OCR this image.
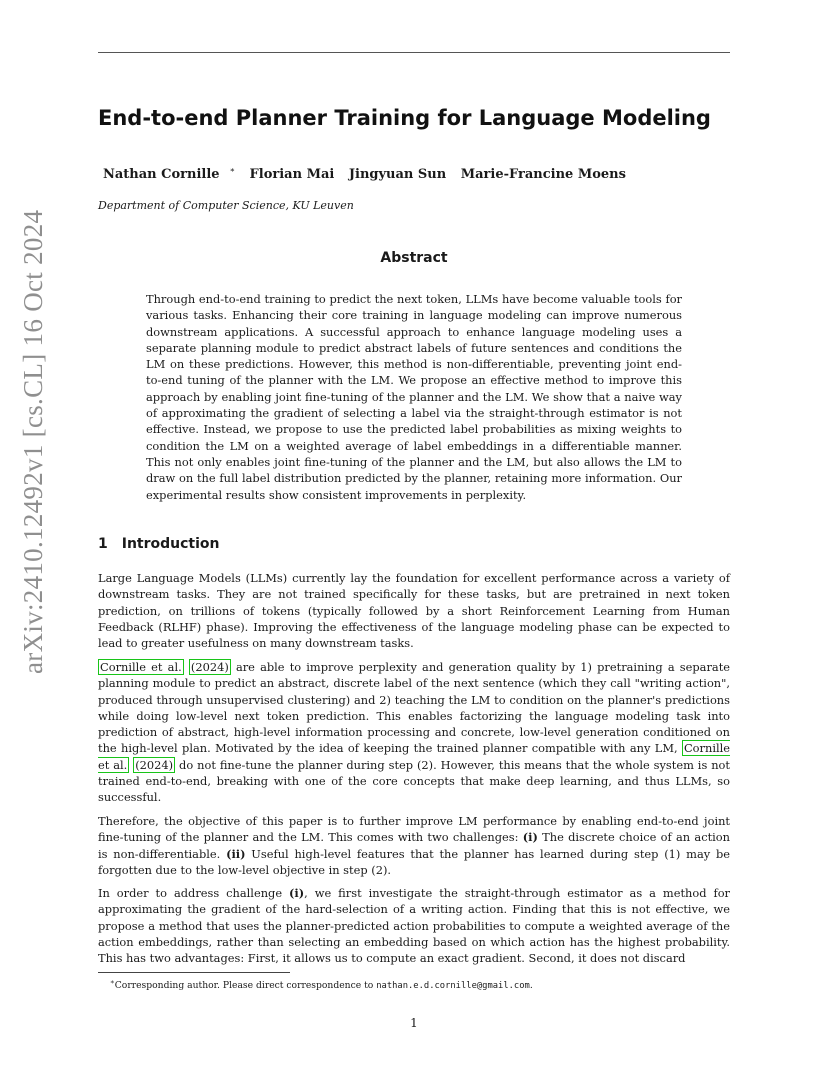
arXiv:2410.12492v1 [cs.CL] 16 Oct 2024
End-to-end Planner Training for Language Modeling
Nathan Cornille ∗ Florian Mai Jingyuan Sun Marie-Francine Moens
Department of Computer Science, KU Leuven
Abstract

Through end-to-end training to predict the next token, LLMs have become valuable tools for various tasks. Enhancing their core training in language modeling can improve numerous downstream applications. A successful approach to enhance language modeling uses a separate planning module to predict abstract labels of future sentences and conditions the LM on these predictions. However, this method is non-differentiable, preventing joint end-to-end tuning of the planner with the LM. We propose an effective method to improve this approach by enabling joint fine-tuning of the planner and the LM. We show that a naive way of approximating the gradient of selecting a label via the straight-through estimator is not effective. Instead, we propose to use the predicted label probabilities as mixing weights to condition the LM on a weighted average of label embeddings in a differentiable manner. This not only enables joint fine-tuning of the planner and the LM, but also allows the LM to draw on the full label distribution predicted by the planner, retaining more information. Our experimental results show consistent improvements in perplexity.

1 Introduction

Large Language Models (LLMs) currently lay the foundation for excellent performance across a variety of downstream tasks. They are not trained specifically for these tasks, but are pretrained in next token prediction, on trillions of tokens (typically followed by a short Reinforcement Learning from Human Feedback (RLHF) phase). Improving the effectiveness of the language modeling phase can be expected to lead to greater usefulness on many downstream tasks.

Cornille et al. (2024) are able to improve perplexity and generation quality by 1) pretraining a separate planning module to predict an abstract, discrete label of the next sentence (which they call "writing action", produced through unsupervised clustering) and 2) teaching the LM to condition on the planner's predictions while doing low-level next token prediction. This enables factorizing the language modeling task into prediction of abstract, high-level information processing and concrete, low-level generation conditioned on the high-level plan. Motivated by the idea of keeping the trained planner compatible with any LM, Cornille et al. (2024) do not fine-tune the planner during step (2). However, this means that the whole system is not trained end-to-end, breaking with one of the core concepts that make deep learning, and thus LLMs, so successful.

Therefore, the objective of this paper is to further improve LM performance by enabling end-to-end joint fine-tuning of the planner and the LM. This comes with two challenges: (i) The discrete choice of an action is non-differentiable. (ii) Useful high-level features that the planner has learned during step (1) may be forgotten due to the low-level objective in step (2).

In order to address challenge (i), we first investigate the straight-through estimator as a method for approximating the gradient of the hard-selection of a writing action. Finding that this is not effective, we propose a method that uses the planner-predicted action probabilities to compute a weighted average of the action embeddings, rather than selecting an embedding based on which action has the highest probability. This has two advantages: First, it allows us to compute an exact gradient. Second, it does not discard

∗Corresponding author. Please direct correspondence to nathan.e.d.cornille@gmail.com.
1
